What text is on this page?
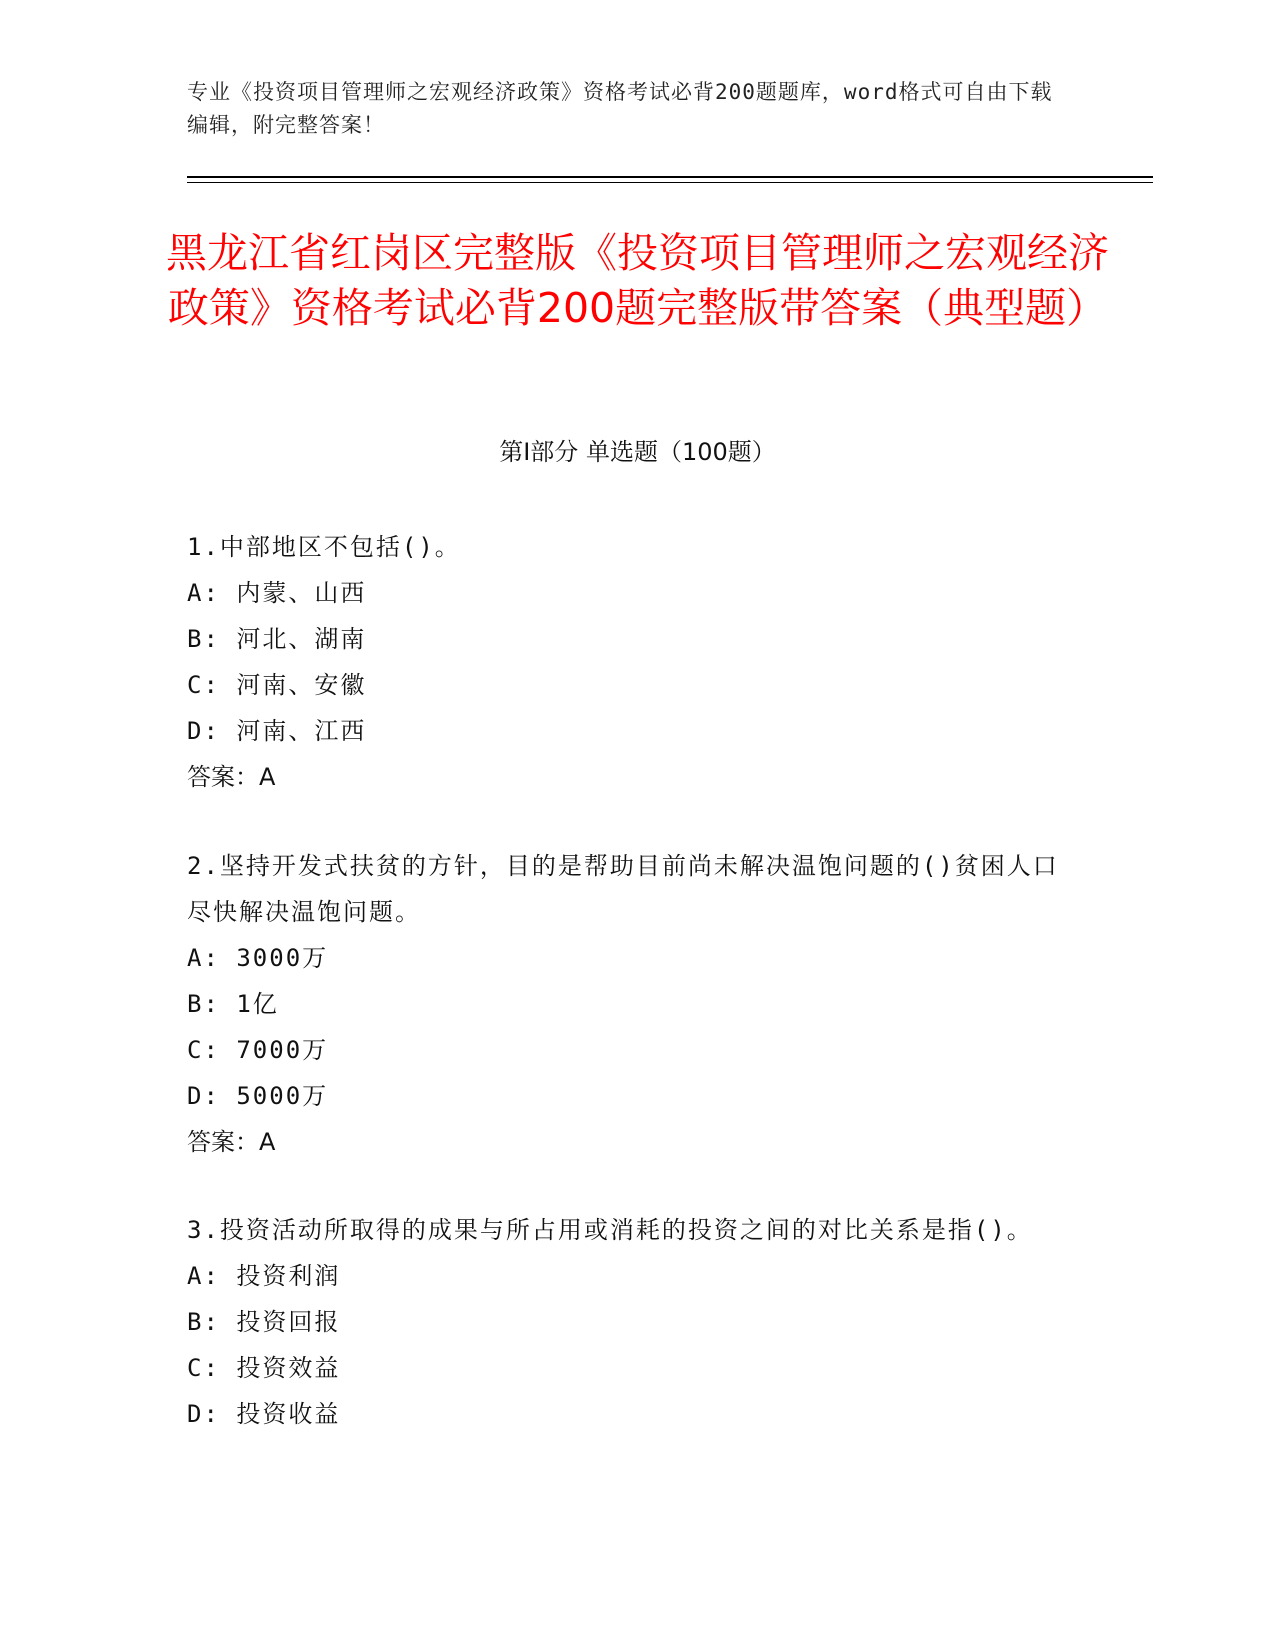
专业《投资项目管理师之宏观经济政策》资格考试必背200题题库，word格式可自由下载编辑，附完整答案！
黑龙江省红岗区完整版《投资项目管理师之宏观经济政策》资格考试必背200题完整版带答案（典型题）
第I部分 单选题（100题）

1.中部地区不包括()。

A: 内蒙、山西

B: 河北、湖南

C: 河南、安徽

D: 河南、江西

答案：A

2.坚持开发式扶贫的方针，目的是帮助目前尚未解决温饱问题的()贫困人口尽快解决温饱问题。

A: 3000万

B: 1亿

C: 7000万

D: 5000万

答案：A

3.投资活动所取得的成果与所占用或消耗的投资之间的对比关系是指()。

A: 投资利润

B: 投资回报

C: 投资效益

D: 投资收益
